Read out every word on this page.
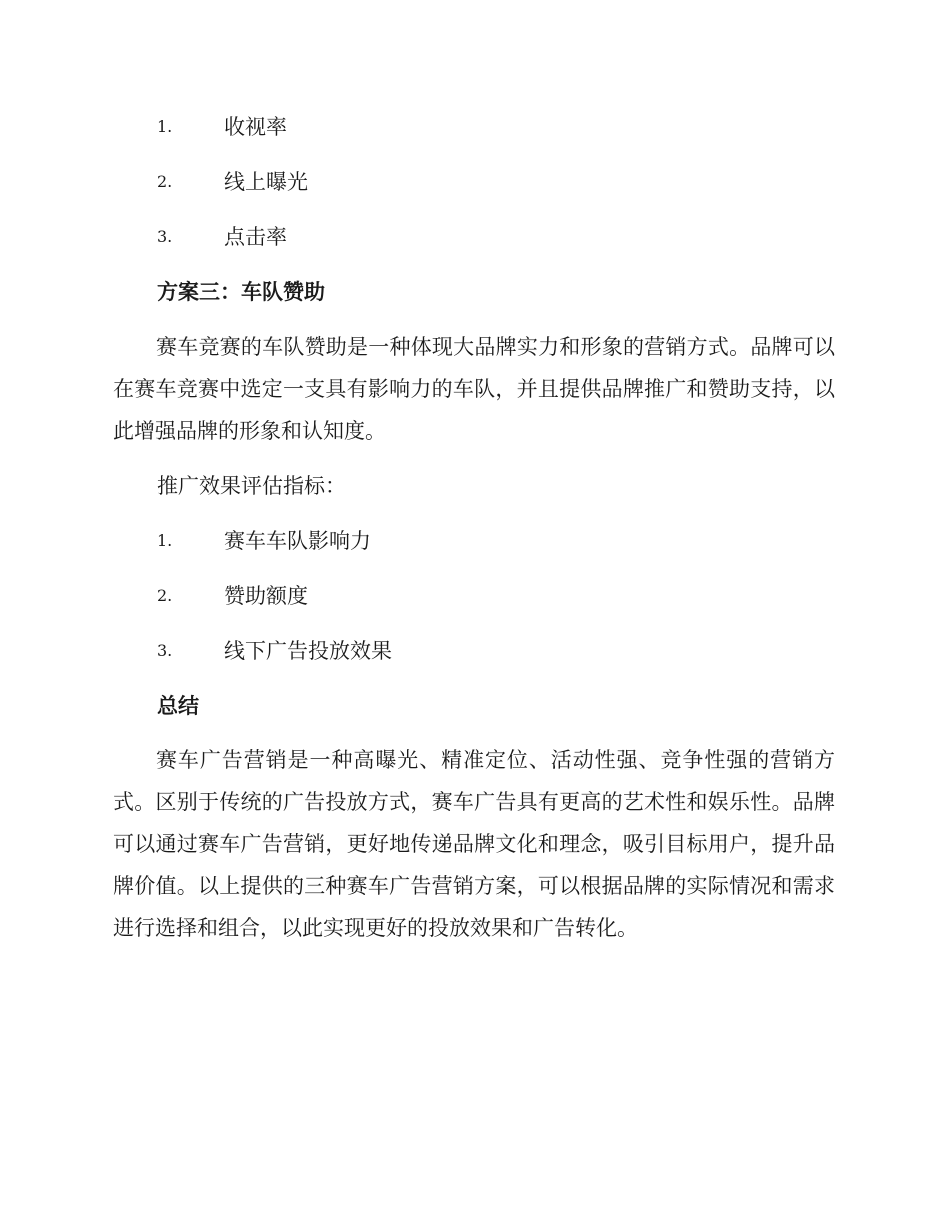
1. 收视率
2. 线上曝光
3. 点击率
方案三：车队赞助

赛车竞赛的车队赞助是一种体现大品牌实力和形象的营销方式。品牌可以在赛车竞赛中选定一支具有影响力的车队，并且提供品牌推广和赞助支持，以此增强品牌的形象和认知度。

推广效果评估指标：
1. 赛车车队影响力
2. 赞助额度
3. 线下广告投放效果
总结

赛车广告营销是一种高曝光、精准定位、活动性强、竞争性强的营销方式。区别于传统的广告投放方式，赛车广告具有更高的艺术性和娱乐性。品牌可以通过赛车广告营销，更好地传递品牌文化和理念，吸引目标用户，提升品牌价值。以上提供的三种赛车广告营销方案，可以根据品牌的实际情况和需求进行选择和组合，以此实现更好的投放效果和广告转化。
